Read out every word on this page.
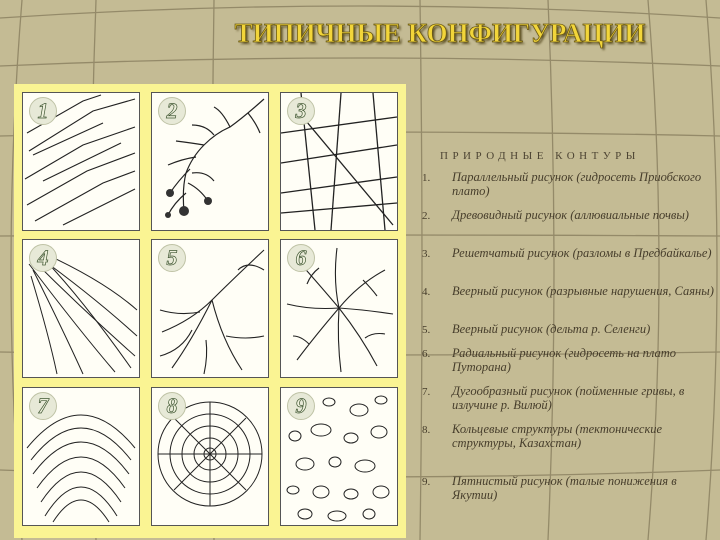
ТИПИЧНЫЕ КОНФИГУРАЦИИ
1	2	3
4	5	6
7	8	9
ПРИРОДНЫЕ КОНТУРЫ
1. Параллельный рисунок (гидросеть Приобского плато)
2. Древовидный рисунок (аллювиальные почвы)
3. Решетчатый рисунок (разломы в Предбайкалье)
4. Веерный рисунок (разрывные нарушения, Саяны)
5. Веерный рисунок (дельта р. Селенги)
6. Радиальный рисунок (гидросеть на плато Путорана)
7. Дугообразный рисунок (пойменные гривы, в излучине р. Вилюй)
8. Кольцевые структуры (тектонические структуры, Казахстан)
9. Пятнистый рисунок (талые понижения в Якутии)
